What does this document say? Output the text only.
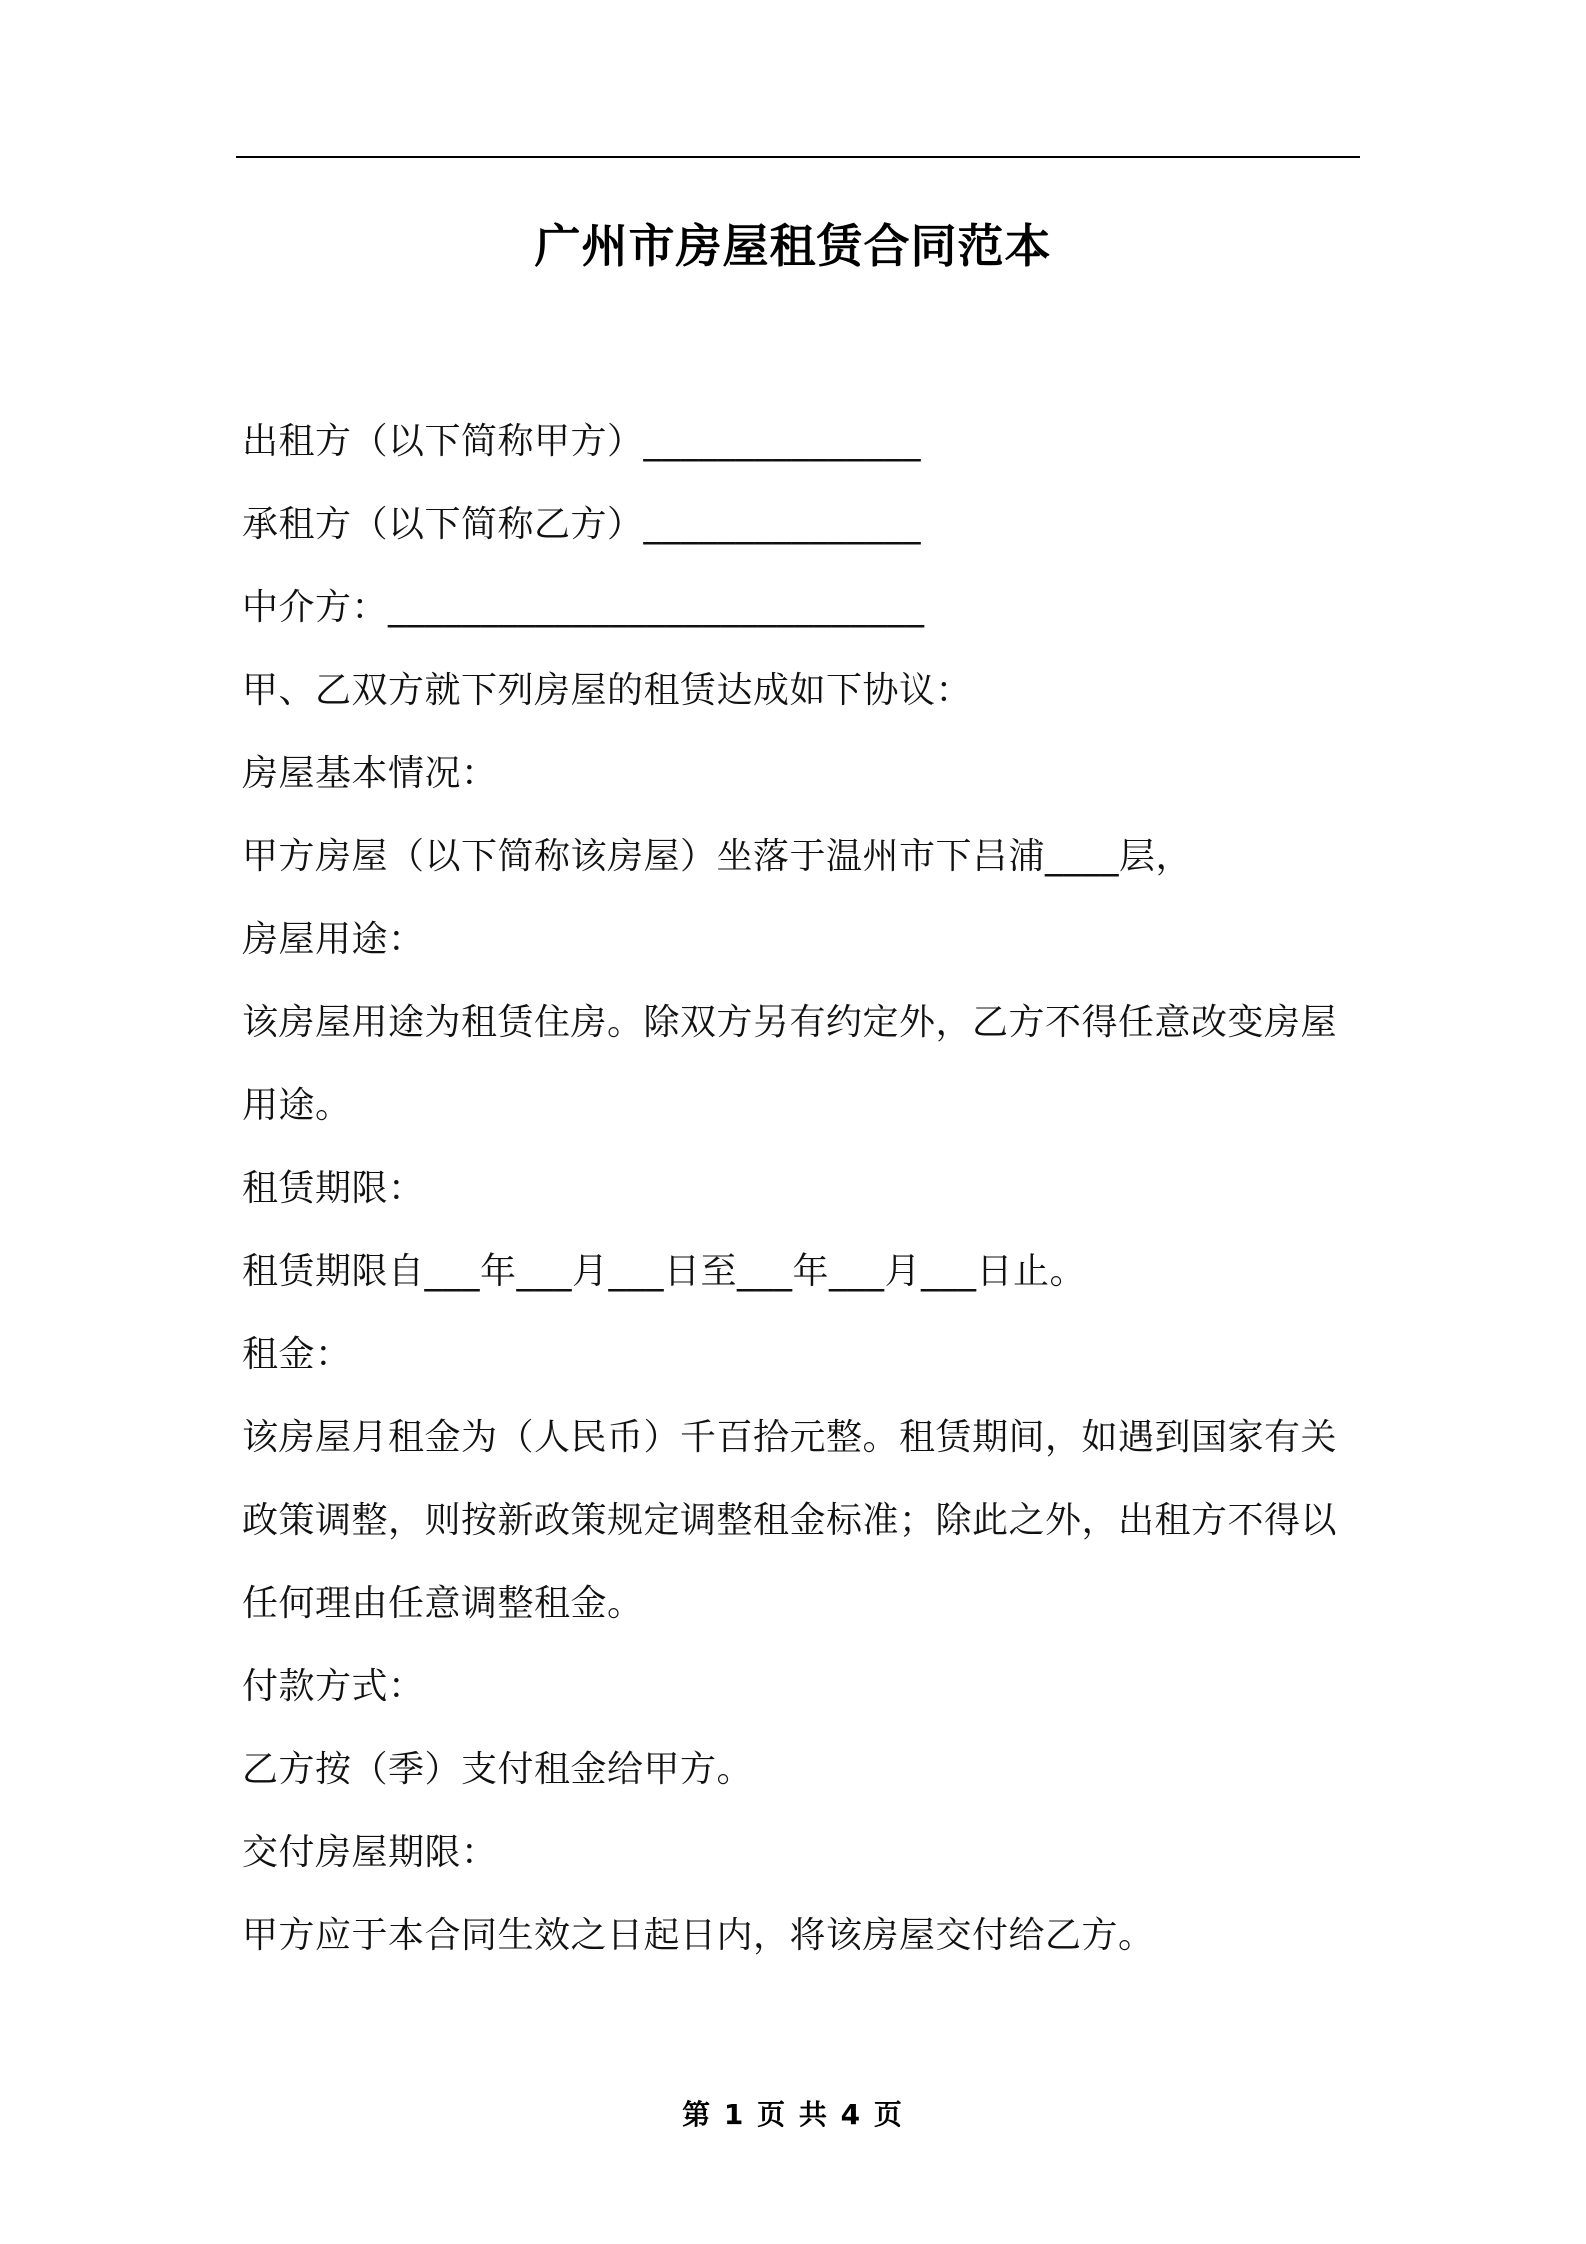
广州市房屋租赁合同范本
出租方（以下简称甲方）_______________
承租方（以下简称乙方）_______________
中介方：_____________________________
甲、乙双方就下列房屋的租赁达成如下协议：
房屋基本情况：
甲方房屋（以下简称该房屋）坐落于温州市下吕浦____层，
房屋用途：
该房屋用途为租赁住房。除双方另有约定外，乙方不得任意改变房屋
用途。
租赁期限：
租赁期限自___年___月___日至___年___月___日止。
租金：
该房屋月租金为（人民币）千百拾元整。租赁期间，如遇到国家有关
政策调整，则按新政策规定调整租金标准；除此之外，出租方不得以
任何理由任意调整租金。
付款方式：
乙方按（季）支付租金给甲方。
交付房屋期限：
甲方应于本合同生效之日起日内，将该房屋交付给乙方。
第 1 页 共 4 页
